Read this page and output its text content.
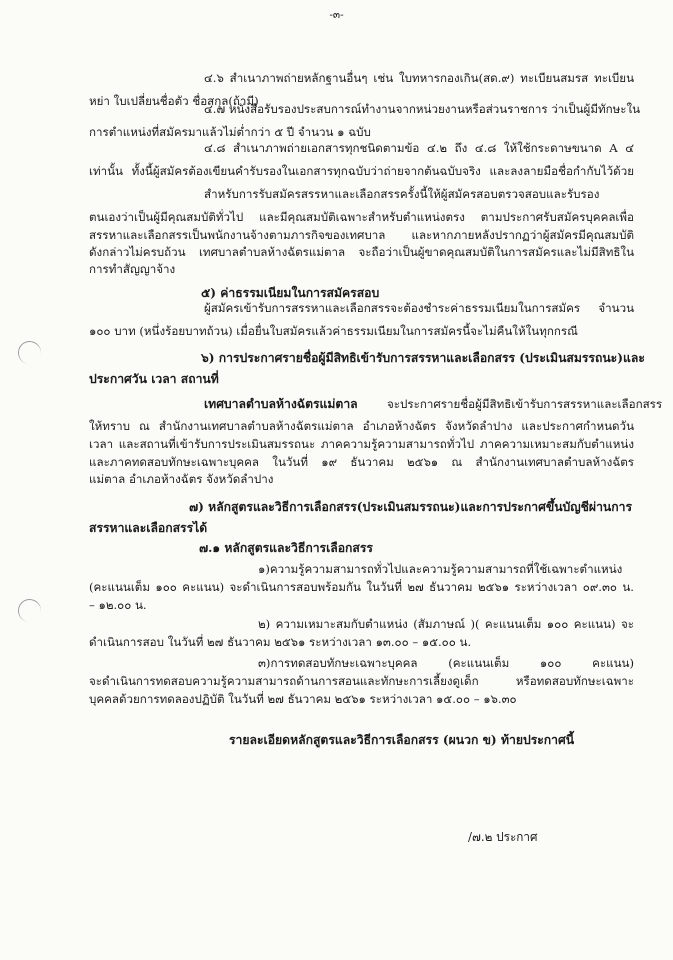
-๓-
๔.๖ สำเนาภาพถ่ายหลักฐานอื่นๆ เช่น ใบทหารกองเกิน(สด.๙) ทะเบียนสมรส ทะเบียน
หย่า ใบเปลี่ยนชื่อตัว ชื่อสกุล(ถ้ามี)
๔.๗ หนังสือรับรองประสบการณ์ทำงานจากหน่วยงานหรือส่วนราชการ ว่าเป็นผู้มีทักษะใน
การตำแหน่งที่สมัครมาแล้วไม่ต่ำกว่า ๕ ปี จำนวน ๑ ฉบับ
๔.๘ สำเนาภาพถ่ายเอกสารทุกชนิดตามข้อ ๔.๒ ถึง ๔.๘ ให้ใช้กระดาษขนาด A ๔
เท่านั้น ทั้งนี้ผู้สมัครต้องเขียนคำรับรองในเอกสารทุกฉบับว่าถ่ายจากต้นฉบับจริง และลงลายมือชื่อกำกับไว้ด้วย
สำหรับการรับสมัครสรรหาและเลือกสรรครั้งนี้ให้ผู้สมัครสอบตรวจสอบและรับรอง
ตนเองว่าเป็นผู้มีคุณสมบัติทั่วไป และมีคุณสมบัติเฉพาะสำหรับตำแหน่งตรง ตามประกาศรับสมัครบุคคลเพื่อ
สรรหาและเลือกสรรเป็นพนักงานจ้างตามภารกิจของเทศบาล และหากภายหลังปรากฏว่าผู้สมัครมีคุณสมบัติ
ดังกล่าวไม่ครบถ้วน เทศบาลตำบลห้างฉัตรแม่ตาล จะถือว่าเป็นผู้ขาดคุณสมบัติในการสมัครและไม่มีสิทธิใน
การทำสัญญาจ้าง
๕) ค่าธรรมเนียมในการสมัครสอบ
ผู้สมัครเข้ารับการสรรหาและเลือกสรรจะต้องชำระค่าธรรมเนียมในการสมัคร จำนวน
๑๐๐ บาท (หนึ่งร้อยบาทถ้วน) เมื่อยื่นใบสมัครแล้วค่าธรรมเนียมในการสมัครนี้จะไม่คืนให้ในทุกกรณี
๖) การประกาศรายชื่อผู้มีสิทธิเข้ารับการสรรหาและเลือกสรร (ประเมินสมรรถนะ)และ
ประกาศวัน เวลา สถานที่
เทศบาลตำบลห้างฉัตรแม่ตาล	จะประกาศรายชื่อผู้มีสิทธิเข้ารับการสรรหาและเลือกสรร
ให้ทราบ ณ สำนักงานเทศบาลตำบลห้างฉัตรแม่ตาล อำเภอห้างฉัตร จังหวัดลำปาง และประกาศกำหนดวัน
เวลา และสถานที่เข้ารับการประเมินสมรรถนะ ภาคความรู้ความสามารถทั่วไป ภาคความเหมาะสมกับตำแหน่ง
และภาคทดสอบทักษะเฉพาะบุคคล ในวันที่ ๑๙ ธันวาคม ๒๕๖๑ ณ สำนักงานเทศบาลตำบลห้างฉัตร
แม่ตาล อำเภอห้างฉัตร จังหวัดลำปาง
๗) หลักสูตรและวิธีการเลือกสรร(ประเมินสมรรถนะ)และการประกาศขึ้นบัญชีผ่านการ
สรรหาและเลือกสรรได้
๗.๑ หลักสูตรและวิธีการเลือกสรร
๑)ความรู้ความสามารถทั่วไปและความรู้ความสามารถที่ใช้เฉพาะตำแหน่ง
(คะแนนเต็ม ๑๐๐ คะแนน) จะดำเนินการสอบพร้อมกัน ในวันที่ ๒๗ ธันวาคม ๒๕๖๑ ระหว่างเวลา ๐๙.๓๐ น.
– ๑๒.๐๐ น.
๒) ความเหมาะสมกับตำแหน่ง (สัมภาษณ์ )( คะแนนเต็ม ๑๐๐ คะแนน) จะ
ดำเนินการสอบ ในวันที่ ๒๗ ธันวาคม ๒๕๖๑ ระหว่างเวลา ๑๓.๐๐ – ๑๕.๐๐ น.
๓)การทดสอบทักษะเฉพาะบุคคล (คะแนนเต็ม ๑๐๐ คะแนน)
จะดำเนินการทดสอบความรู้ความสามารถด้านการสอนและทักษะการเลี้ยงดูเด็ก หรือทดสอบทักษะเฉพาะ
บุคคลด้วยการทดลองปฏิบัติ ในวันที่ ๒๗ ธันวาคม ๒๕๖๑ ระหว่างเวลา ๑๕.๐๐ – ๑๖.๓๐
รายละเอียดหลักสูตรและวิธีการเลือกสรร (ผนวก ข) ท้ายประกาศนี้
/๗.๒ ประกาศ
